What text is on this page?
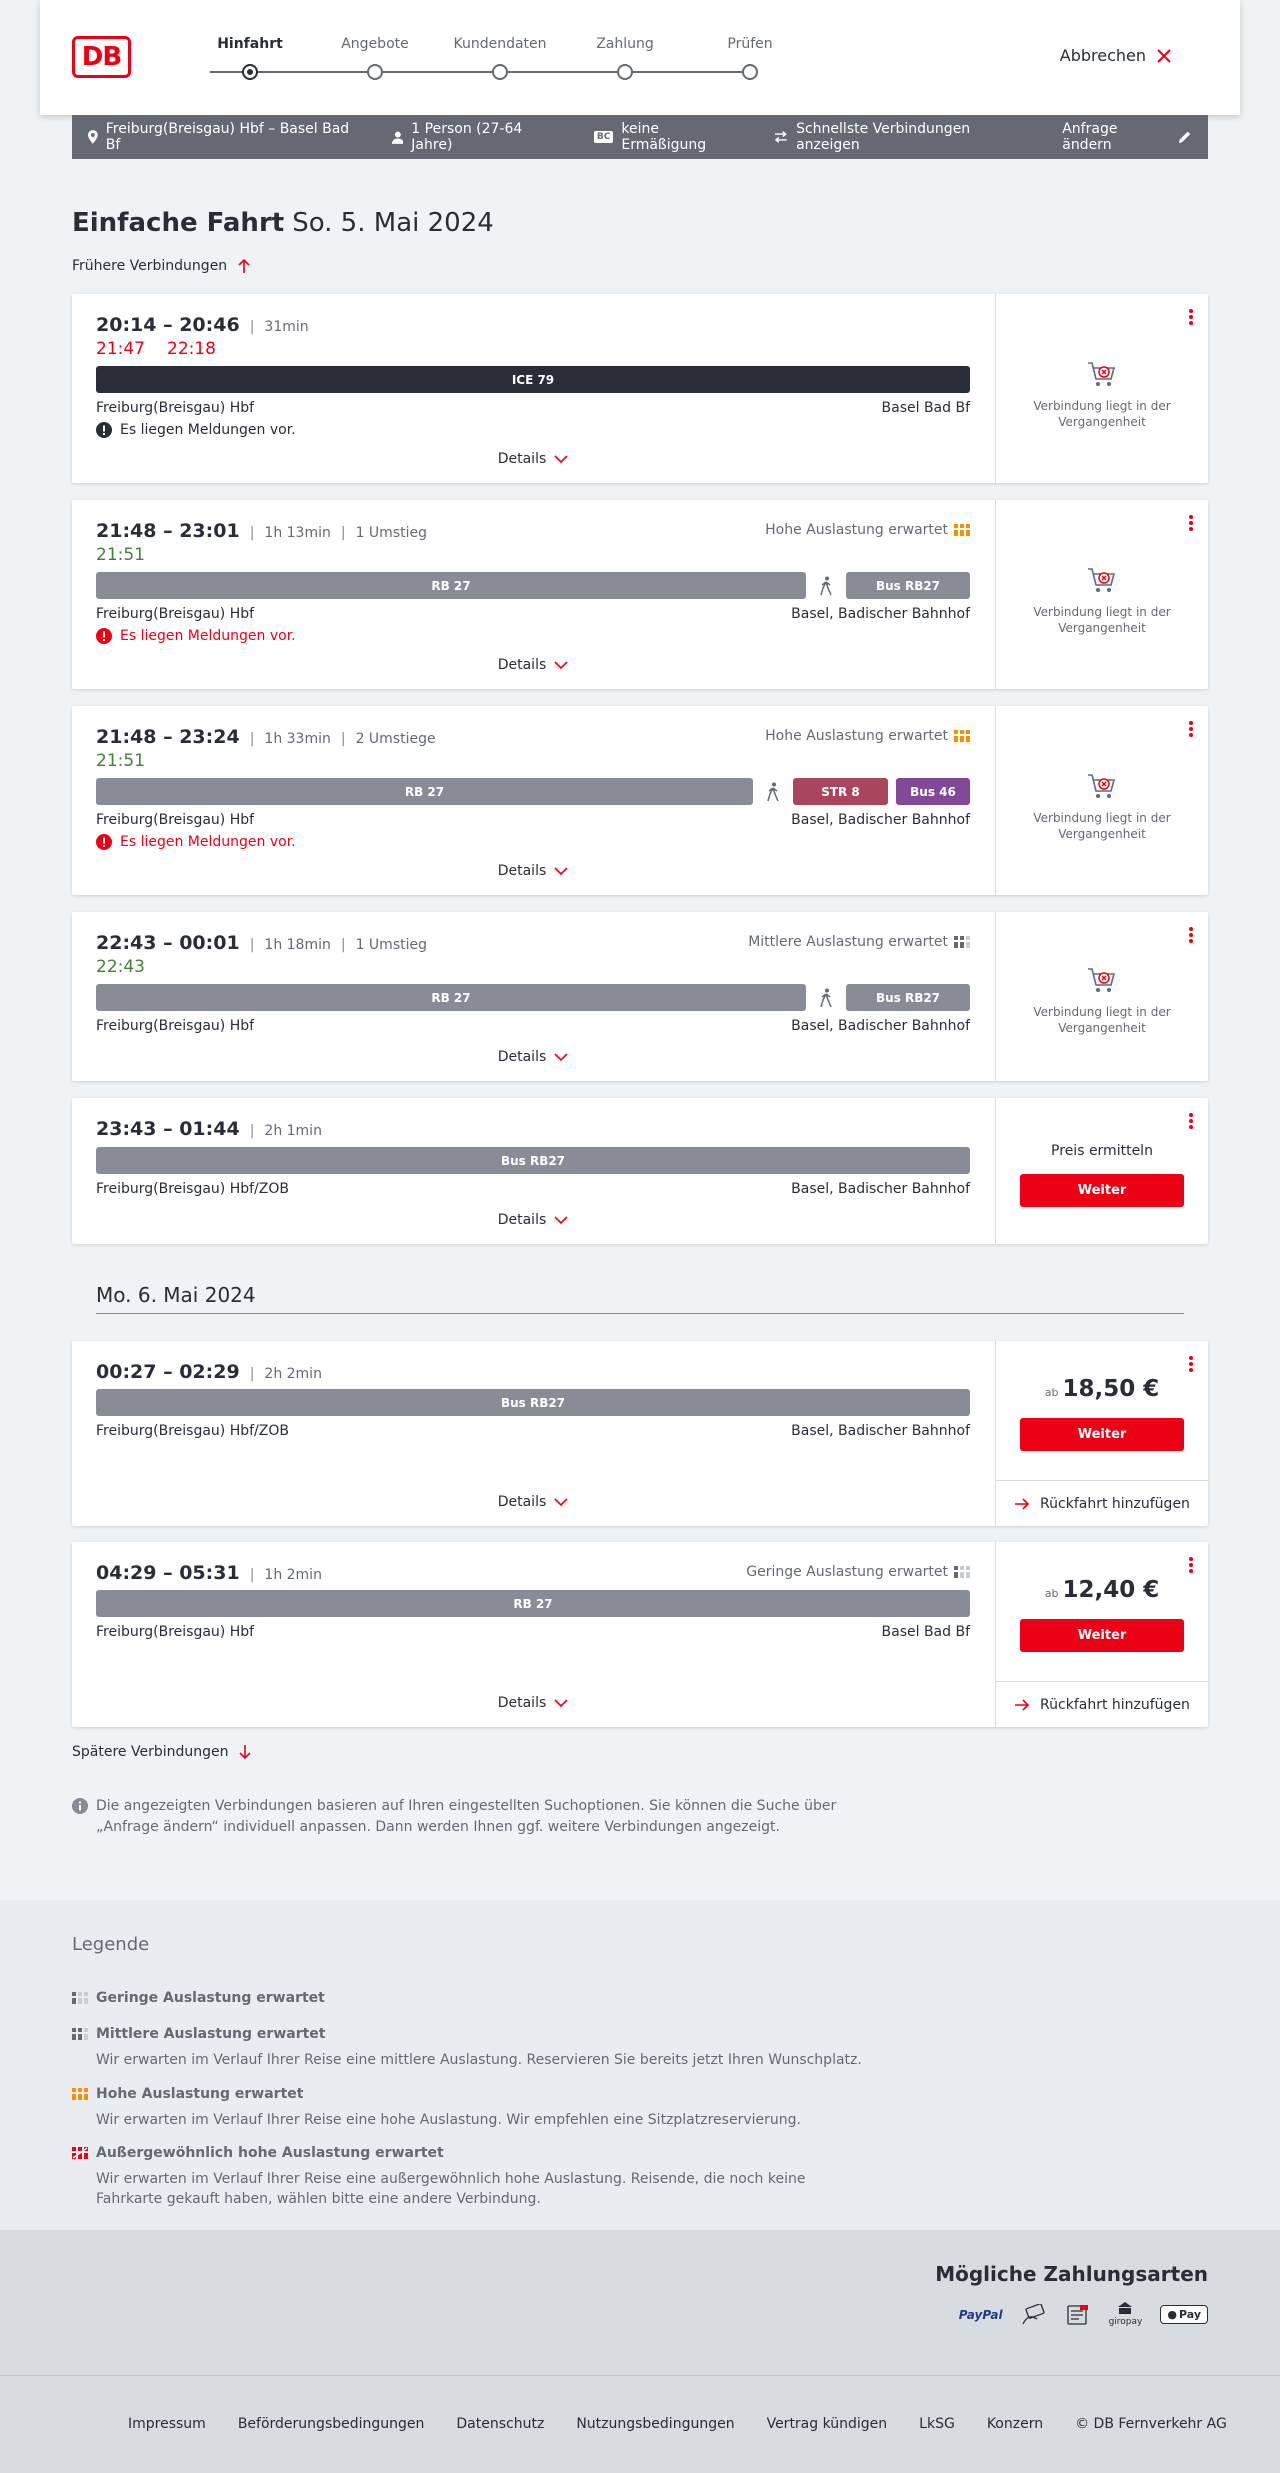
DB	Hinfahrt	Angebote	Kundendaten	Zahlung	Prüfen
Abbrechen
Freiburg(Breisgau) Hbf – Basel Bad Bf
1 Person (27-64 Jahre)	BC keine Ermäßigung
Schnellste Verbindungen anzeigen
Anfrage ändern
Einfache Fahrt So. 5. Mai 2024
Frühere Verbindungen
20:14 – 20:46 | 31min
21:47 22:18
ICE 79
Freiburg(Breisgau) Hbf	Basel Bad Bf
Es liegen Meldungen vor.
Details
Verbindung liegt in der Vergangenheit
21:48 – 23:01 | 1h 13min | 1 Umstieg	Hohe Auslastung erwartet
21:51
RB 27	Bus RB27
Freiburg(Breisgau) Hbf	Basel, Badischer Bahnhof
Es liegen Meldungen vor.
Details
Verbindung liegt in der Vergangenheit
21:48 – 23:24 | 1h 33min | 2 Umstiege	Hohe Auslastung erwartet
21:51
RB 27	STR 8	Bus 46
Freiburg(Breisgau) Hbf	Basel, Badischer Bahnhof
Es liegen Meldungen vor.
Details
Verbindung liegt in der Vergangenheit
22:43 – 00:01 | 1h 18min | 1 Umstieg	Mittlere Auslastung erwartet
22:43
RB 27	Bus RB27
Freiburg(Breisgau) Hbf	Basel, Badischer Bahnhof
Details
Verbindung liegt in der Vergangenheit
23:43 – 01:44 | 2h 1min
Bus RB27
Freiburg(Breisgau) Hbf/ZOB	Basel, Badischer Bahnhof
Details
Preis ermitteln
Weiter
Mo. 6. Mai 2024
00:27 – 02:29 | 2h 2min
Bus RB27
Freiburg(Breisgau) Hbf/ZOB	Basel, Badischer Bahnhof
Details
ab 18,50 €
Weiter
Rückfahrt hinzufügen
04:29 – 05:31 | 1h 2min	Geringe Auslastung erwartet
RB 27
Freiburg(Breisgau) Hbf	Basel Bad Bf
Details
ab 12,40 €
Weiter
Rückfahrt hinzufügen
Spätere Verbindungen
Die angezeigten Verbindungen basieren auf Ihren eingestellten Suchoptionen. Sie können die Suche über „Anfrage ändern“ individuell anpassen. Dann werden Ihnen ggf. weitere Verbindungen angezeigt.
Legende
Geringe Auslastung erwartet
Mittlere Auslastung erwartet

Wir erwarten im Verlauf Ihrer Reise eine mittlere Auslastung. Reservieren Sie bereits jetzt Ihren Wunschplatz.

Hohe Auslastung erwartet

Wir erwarten im Verlauf Ihrer Reise eine hohe Auslastung. Wir empfehlen eine Sitzplatzreservierung.

Außergewöhnlich hohe Auslastung erwartet

Wir erwarten im Verlauf Ihrer Reise eine außergewöhnlich hohe Auslastung. Reisende, die noch keine Fahrkarte gekauft haben, wählen bitte eine andere Verbindung.

Mögliche Zahlungsarten
PayPal
giropay
● Pay
Impressum Beförderungsbedingungen Datenschutz Nutzungsbedingungen Vertrag kündigen LkSG Konzern © DB Fernverkehr AG
